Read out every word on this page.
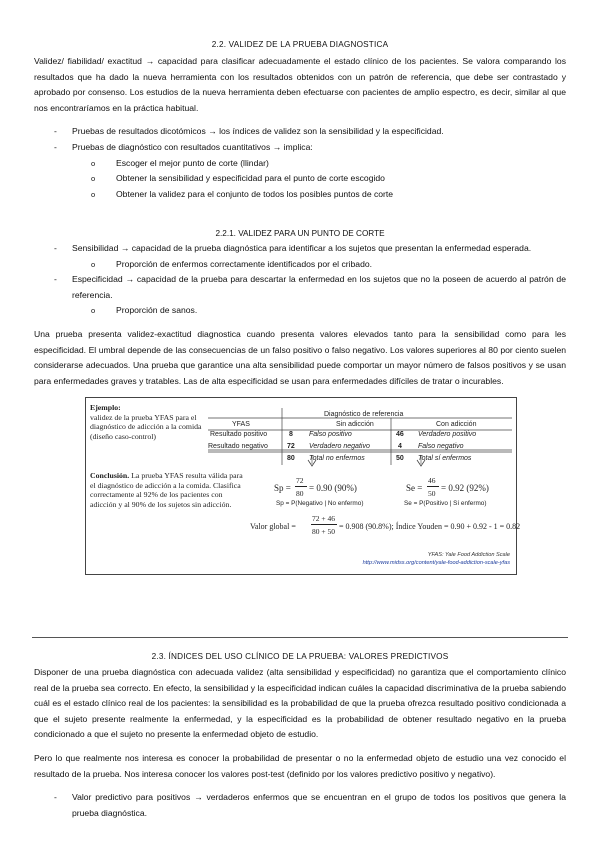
2.2. VALIDEZ DE LA PRUEBA DIAGNOSTICA

Validez/ fiabilidad/ exactitud → capacidad para clasificar adecuadamente el estado clínico de los pacientes. Se valora comparando los resultados que ha dado la nueva herramienta con los resultados obtenidos con un patrón de referencia, que debe ser contrastado y aprobado por consenso. Los estudios de la nueva herramienta deben efectuarse con pacientes de amplio espectro, es decir, similar al que nos encontraríamos en la práctica habitual.

- Pruebas de resultados dicotómicos → los índices de validez son la sensibilidad y la especificidad.
- Pruebas de diagnóstico con resultados cuantitativos → implica:
o Escoger el mejor punto de corte (llindar)
o Obtener la sensibilidad y especificidad para el punto de corte escogido
o Obtener la validez para el conjunto de todos los posibles puntos de corte
2.2.1. VALIDEZ PARA UN PUNTO DE CORTE
- Sensibilidad → capacidad de la prueba diagnóstica para identificar a los sujetos que presentan la enfermedad esperada.
o Proporción de enfermos correctamente identificados por el cribado.
- Especificidad → capacidad de la prueba para descartar la enfermedad en los sujetos que no la poseen de acuerdo al patrón de referencia.
o Proporción de sanos.

Una prueba presenta validez-exactitud diagnostica cuando presenta valores elevados tanto para la sensibilidad como para les especificidad. El umbral depende de las consecuencias de un falso positivo o falso negativo. Los valores superiores al 80 por ciento suelen considerarse adecuados. Una prueba que garantice una alta sensibilidad puede comportar un mayor número de falsos positivos y se usan para enfermedades graves y tratables. Las de alta especificidad se usan para enfermedades difíciles de tratar o incurables.

Ejemplo:
validez de la prueba YFAS para el diagnóstico de adicción a la comida (diseño caso-control)
YFAS
Diagnóstico de referencia
Sin adicción	Con adicción
Resultado positivo	8 Falso positivo	46 Verdadero positivo
Resultado negativo	72 Verdadero negativo	4 Falso negativo
80 Total no enfermos	50 Total sí enfermos
Conclusión. La prueba YFAS resulta válida para el diagnóstico de adicción a la comida. Clasifica correctamente al 92% de los pacientes con adicción y al 90% de los sujetos sin adicción.
Sp =
72
80
= 0.90 (90%)
Sp = P(Negativo | No enfermo)
Se =
46
50
= 0.92 (92%)
Se = P(Positivo | Sí enfermo)
Valor global =
72 + 46
80 + 50
= 0.908 (90.8%); Índice Youden = 0.90 + 0.92 - 1 = 0.82
YFAS: Yale Food Addiction Scale
http://www.midss.org/content/yale-food-addiction-scale-yfas
2.3. ÍNDICES DEL USO CLÍNICO DE LA PRUEBA: VALORES PREDICTIVOS

Disponer de una prueba diagnóstica con adecuada validez (alta sensibilidad y especificidad) no garantiza que el comportamiento clínico real de la prueba sea correcto. En efecto, la sensibilidad y la especificidad indican cuáles la capacidad discriminativa de la prueba sabiendo cuál es el estado clínico real de los pacientes: la sensibilidad es la probabilidad de que la prueba ofrezca resultado positivo condicionada a que el sujeto presente realmente la enfermedad, y la especificidad es la probabilidad de obtener resultado negativo en la prueba condicionado a que el sujeto no presente la enfermedad objeto de estudio.

Pero lo que realmente nos interesa es conocer la probabilidad de presentar o no la enfermedad objeto de estudio una vez conocido el resultado de la prueba. Nos interesa conocer los valores post-test (definido por los valores predictivo positivo y negativo).

- Valor predictivo para positivos → verdaderos enfermos que se encuentran en el grupo de todos los positivos que genera la prueba diagnóstica.
